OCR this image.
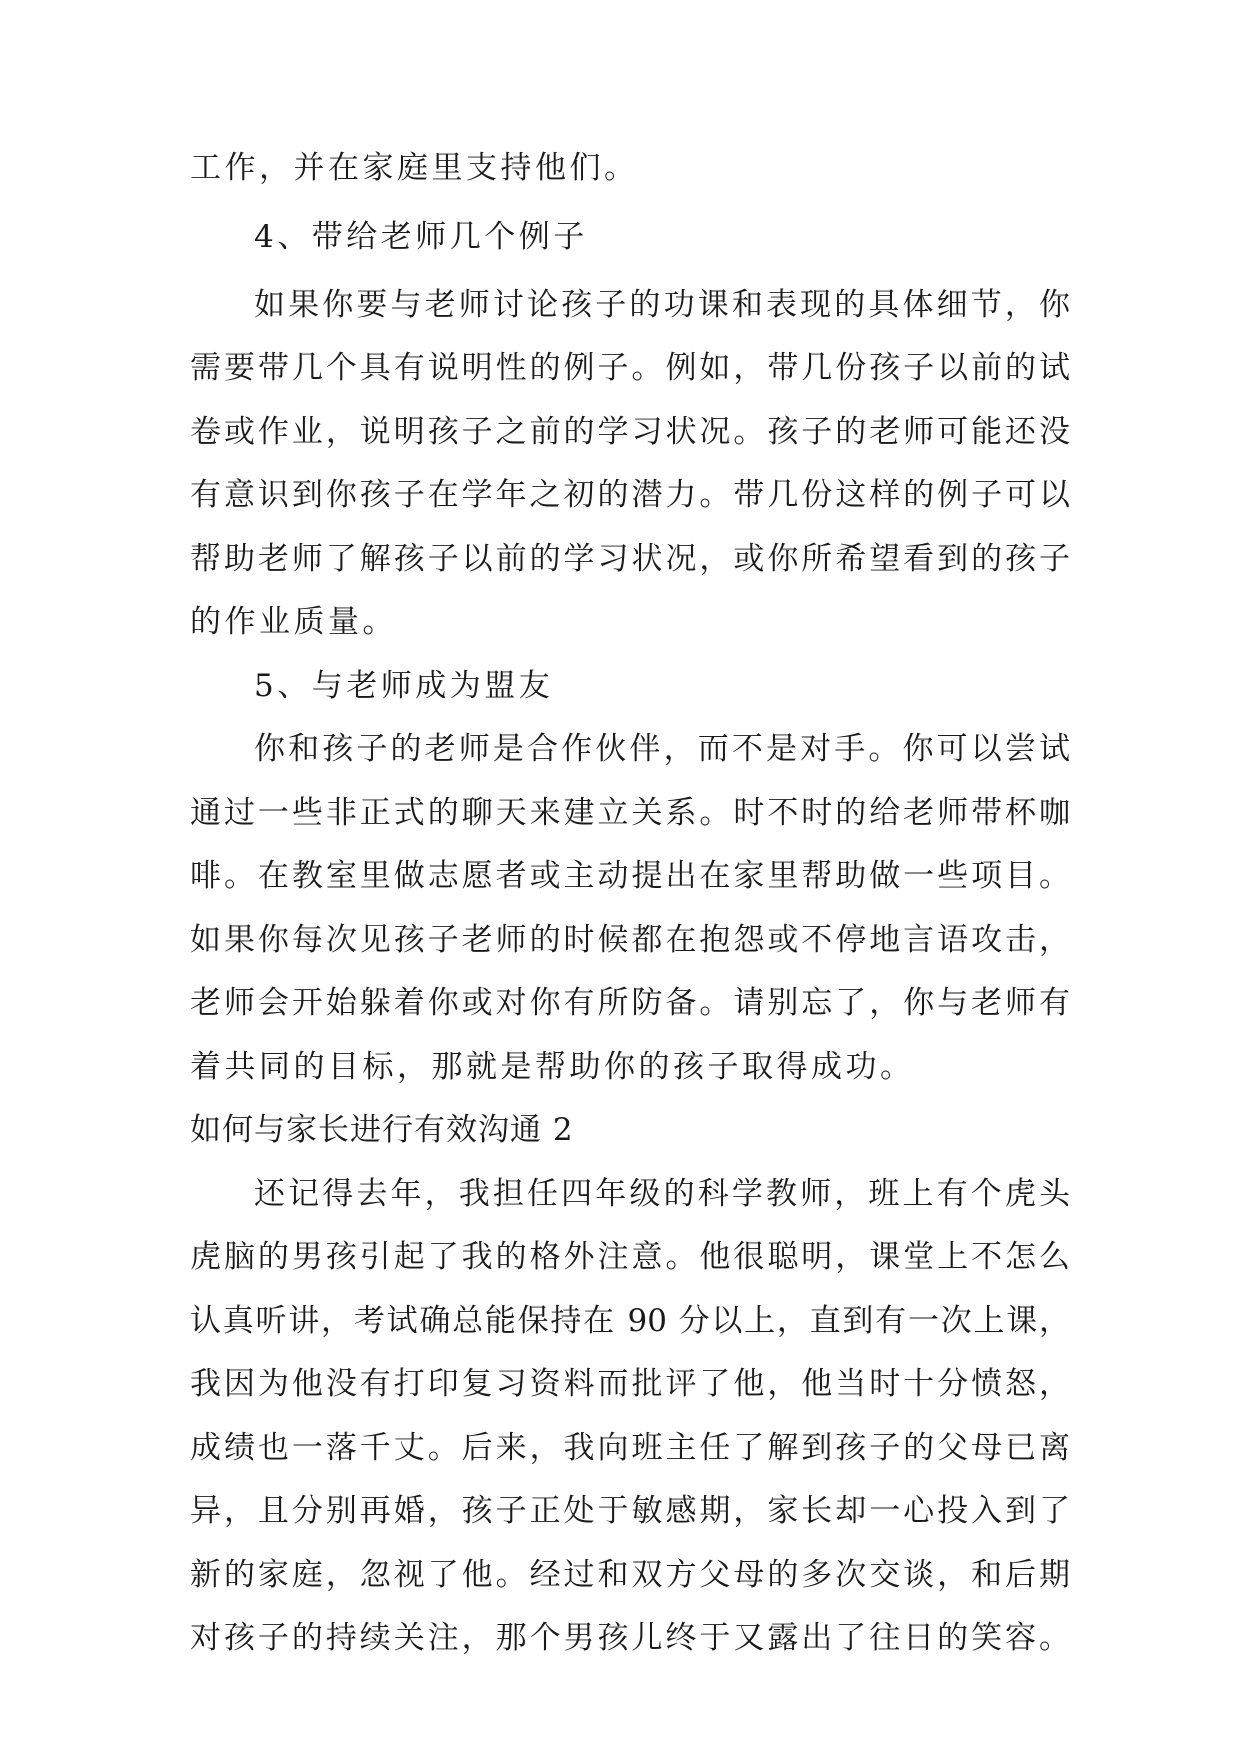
工作，并在家庭里支持他们。
4、带给老师几个例子
如果你要与老师讨论孩子的功课和表现的具体细节，你
需要带几个具有说明性的例子。例如，带几份孩子以前的试
卷或作业，说明孩子之前的学习状况。孩子的老师可能还没
有意识到你孩子在学年之初的潜力。带几份这样的例子可以
帮助老师了解孩子以前的学习状况，或你所希望看到的孩子
的作业质量。
5、与老师成为盟友
你和孩子的老师是合作伙伴，而不是对手。你可以尝试
通过一些非正式的聊天来建立关系。时不时的给老师带杯咖
啡。在教室里做志愿者或主动提出在家里帮助做一些项目。
如果你每次见孩子老师的时候都在抱怨或不停地言语攻击，
老师会开始躲着你或对你有所防备。请别忘了，你与老师有
着共同的目标，那就是帮助你的孩子取得成功。
如何与家长进行有效沟通 2
还记得去年，我担任四年级的科学教师，班上有个虎头
虎脑的男孩引起了我的格外注意。他很聪明，课堂上不怎么
认真听讲，考试确总能保持在 90 分以上，直到有一次上课，
我因为他没有打印复习资料而批评了他，他当时十分愤怒，
成绩也一落千丈。后来，我向班主任了解到孩子的父母已离
异，且分别再婚，孩子正处于敏感期，家长却一心投入到了
新的家庭，忽视了他。经过和双方父母的多次交谈，和后期
对孩子的持续关注，那个男孩儿终于又露出了往日的笑容。
